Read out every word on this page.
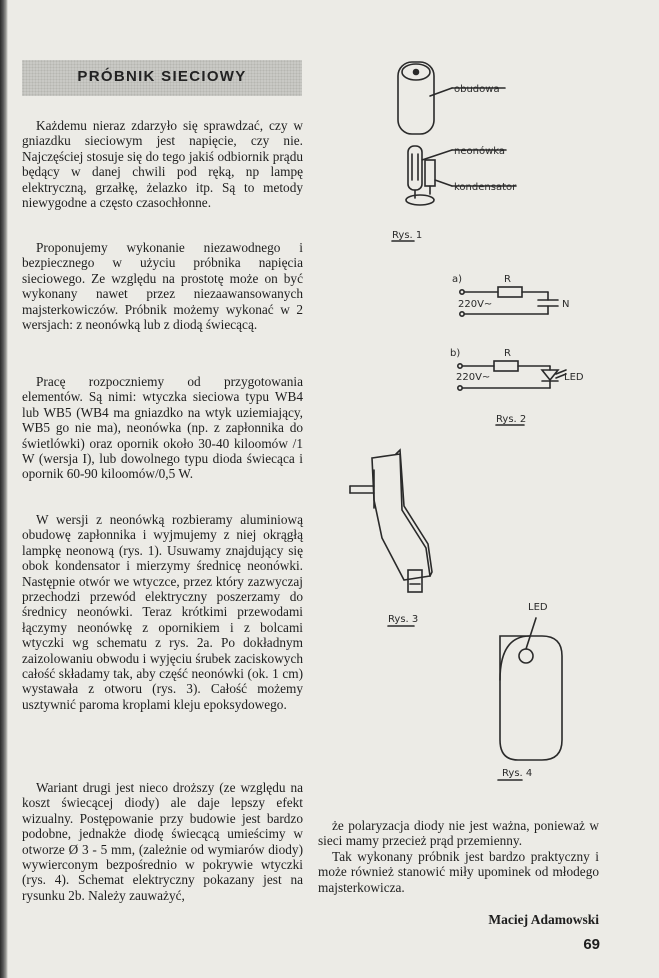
PRÓBNIK SIECIOWY

Każdemu nieraz zdarzyło się sprawdzać, czy w gniazdku sieciowym jest napięcie, czy nie. Najczęściej stosuje się do tego jakiś odbiornik prądu będący w danej chwili pod ręką, np lampę elektryczną, grzałkę, żelazko itp. Są to metody niewygodne a często czasochłonne.

Proponujemy wykonanie niezawodnego i bezpiecznego w użyciu próbnika napięcia sieciowego. Ze względu na prostotę może on być wykonany nawet przez niezaawansowanych majsterkowiczów. Próbnik możemy wykonać w 2 wersjach: z neonówką lub z diodą świecącą.

Pracę rozpoczniemy od przygotowania elementów. Są nimi: wtyczka sieciowa typu WB4 lub WB5 (WB4 ma gniazdko na wtyk uziemiający, WB5 go nie ma), neonówka (np. z zapłonnika do świetlówki) oraz opornik około 30-40 kiloomów /1 W (wersja I), lub dowolnego typu dioda świecąca i opornik 60-90 kiloomów/0,5 W.

W wersji z neonówką rozbieramy aluminiową obudowę zapłonnika i wyjmujemy z niej okrągłą lampkę neonową (rys. 1). Usuwamy znajdujący się obok kondensator i mierzymy średnicę neonówki. Następnie otwór we wtyczce, przez który zazwyczaj przechodzi przewód elektryczny poszerzamy do średnicy neonówki. Teraz krótkimi przewodami łączymy neonówkę z opornikiem i z bolcami wtyczki wg schematu z rys. 2a. Po dokładnym zaizolowaniu obwodu i wyjęciu śrubek zaciskowych całość składamy tak, aby część neonówki (ok. 1 cm) wystawała z otworu (rys. 3). Całość możemy usztywnić paroma kroplami kleju epoksydowego.

Wariant drugi jest nieco droższy (ze względu na koszt świecącej diody) ale daje lepszy efekt wizualny. Postępowanie przy budowie jest bardzo podobne, jednakże diodę świecącą umieścimy w otworze Ø 3 - 5 mm, (zależnie od wymiarów diody) wywierconym bezpośrednio w pokrywie wtyczki (rys. 4). Schemat elektryczny pokazany jest na rysunku 2b. Należy zauważyć,

że polaryzacja diody nie jest ważna, ponieważ w sieci mamy przecież prąd przemienny.

Tak wykonany próbnik jest bardzo praktyczny i może również stanowić miły upominek od młodego majsterkowicza.

Maciej Adamowski
69
obudowa
neonówka
kondensator
Rys. 1
a)	R
220V~	N
b)	R
220V~	LED
Rys. 2
Rys. 3
LED
Rys. 4
